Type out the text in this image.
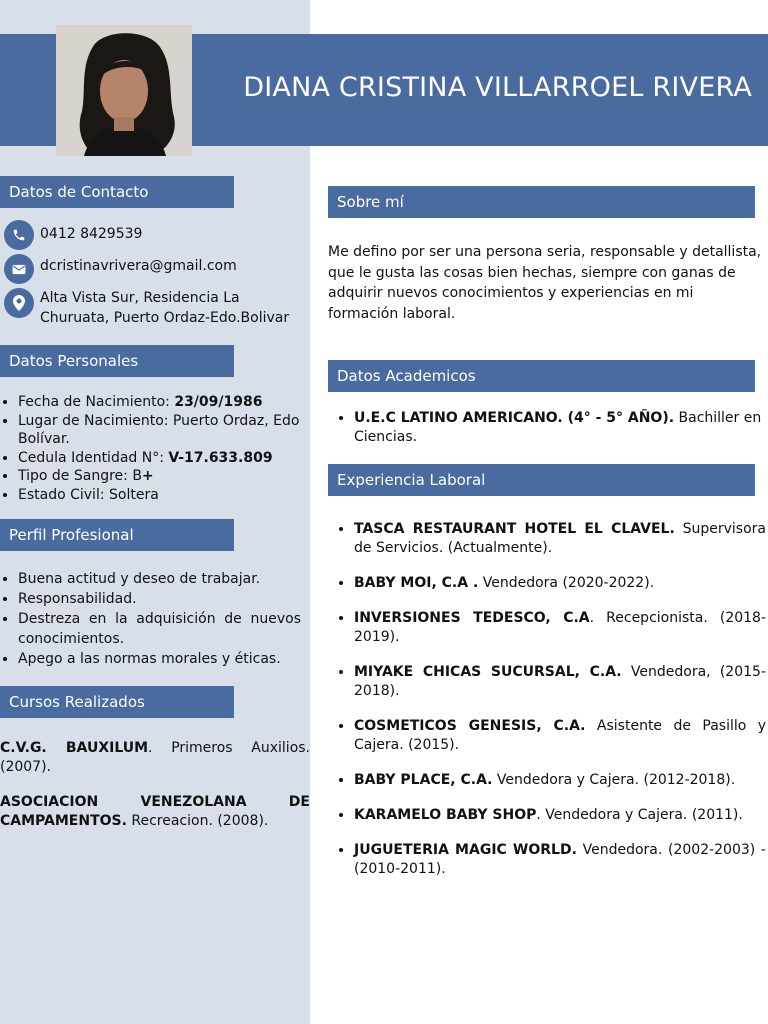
DIANA CRISTINA VILLARROEL RIVERA
Datos de Contacto
0412 8429539
dcristinavrivera@gmail.com
Alta Vista Sur, Residencia La
Churuata, Puerto Ordaz-Edo.Bolivar
Datos Personales
• Fecha de Nacimiento: 23/09/1986
• Lugar de Nacimiento: Puerto Ordaz, Edo Bolívar.
• Cedula Identidad N°: V-17.633.809
• Tipo de Sangre: B+
• Estado Civil: Soltera
Perfil Profesional
• Buena actitud y deseo de trabajar.
• Responsabilidad.
• Destreza en la adquisición de nuevos conocimientos.
• Apego a las normas morales y éticas.
Cursos Realizados
C.V.G. BAUXILUM. Primeros Auxilios. (2007).
ASOCIACION VENEZOLANA DE CAMPAMENTOS. Recreacion. (2008).
Sobre mí
Me defino por ser una persona seria, responsable y detallista, que le gusta las cosas bien hechas, siempre con ganas de adquirir nuevos conocimientos y experiencias en mi formación laboral.
Datos Academicos
• U.E.C LATINO AMERICANO. (4° - 5° AÑO). Bachiller en Ciencias.
Experiencia Laboral
• TASCA RESTAURANT HOTEL EL CLAVEL. Supervisora de Servicios. (Actualmente).
• BABY MOI, C.A . Vendedora (2020-2022).
• INVERSIONES TEDESCO, C.A. Recepcionista. (2018-2019).
• MIYAKE CHICAS SUCURSAL, C.A. Vendedora, (2015-2018).
• COSMETICOS GENESIS, C.A. Asistente de Pasillo y Cajera. (2015).
• BABY PLACE, C.A. Vendedora y Cajera. (2012-2018).
• KARAMELO BABY SHOP. Vendedora y Cajera. (2011).
• JUGUETERIA MAGIC WORLD. Vendedora. (2002-2003) -(2010-2011).
